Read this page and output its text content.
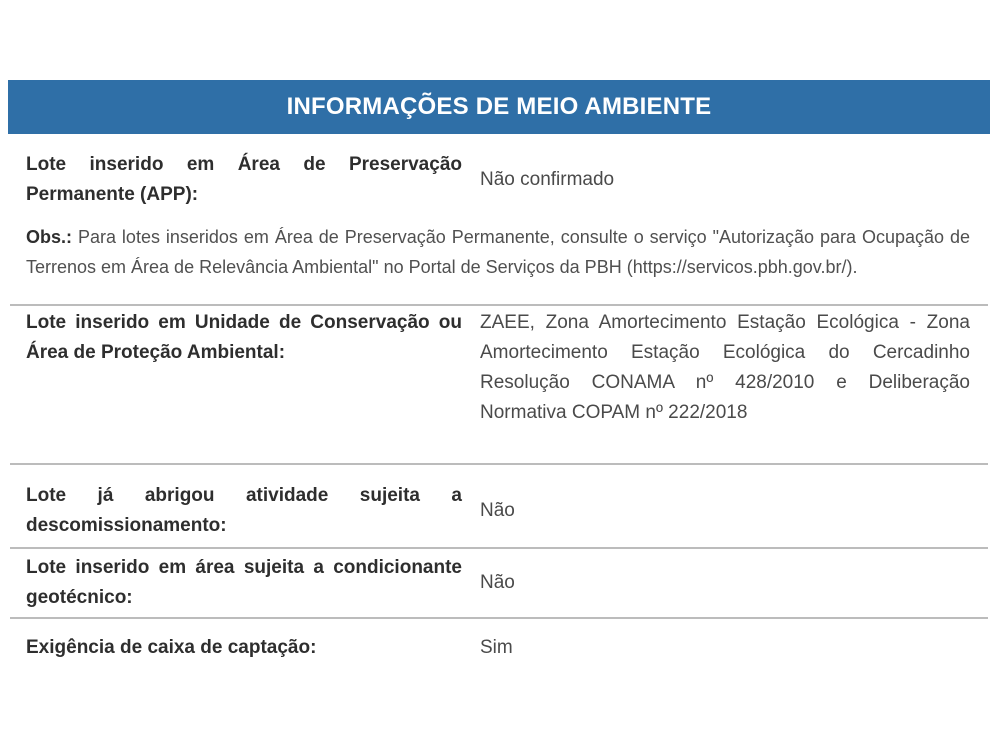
INFORMAÇÕES DE MEIO AMBIENTE
Lote inserido em Área de Preservação Permanente (APP):
Não confirmado
Obs.: Para lotes inseridos em Área de Preservação Permanente, consulte o serviço "Autorização para Ocupação de Terrenos em Área de Relevância Ambiental" no Portal de Serviços da PBH (https://servicos.pbh.gov.br/).
Lote inserido em Unidade de Conservação ou Área de Proteção Ambiental:
ZAEE, Zona Amortecimento Estação Ecológica - Zona Amortecimento Estação Ecológica do Cercadinho Resolução CONAMA nº 428/2010 e Deliberação Normativa COPAM nº 222/2018
Lote já abrigou atividade sujeita a descomissionamento:
Não
Lote inserido em área sujeita a condicionante geotécnico:
Não
Exigência de caixa de captação:	Sim
